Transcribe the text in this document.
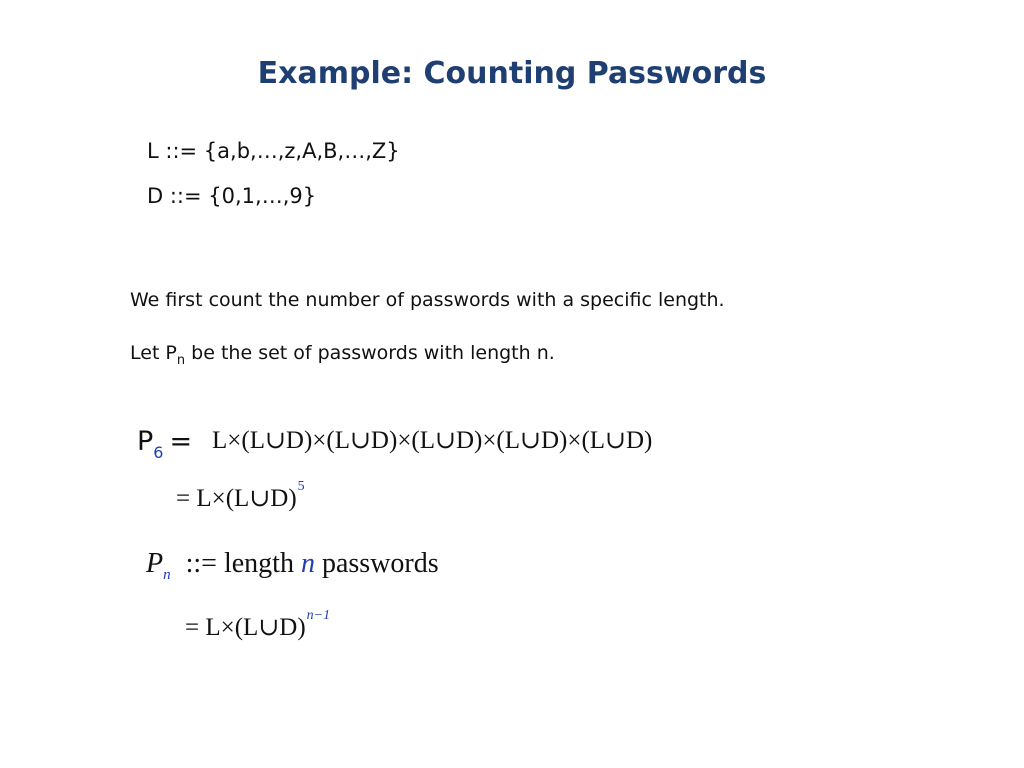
Example: Counting Passwords
L ::= {a,b,…,z,A,B,…,Z}
D ::= {0,1,…,9}
We first count the number of passwords with a specific length.
Let $P_n$ be the set of passwords with length n.
$P_6$ = L×(L∪D)×(L∪D)×(L∪D)×(L∪D)×(L∪D)
= L×(L∪D)$^5$
$P_n$ ::= length n passwords
= L×(L∪D)$^{n-1}$
